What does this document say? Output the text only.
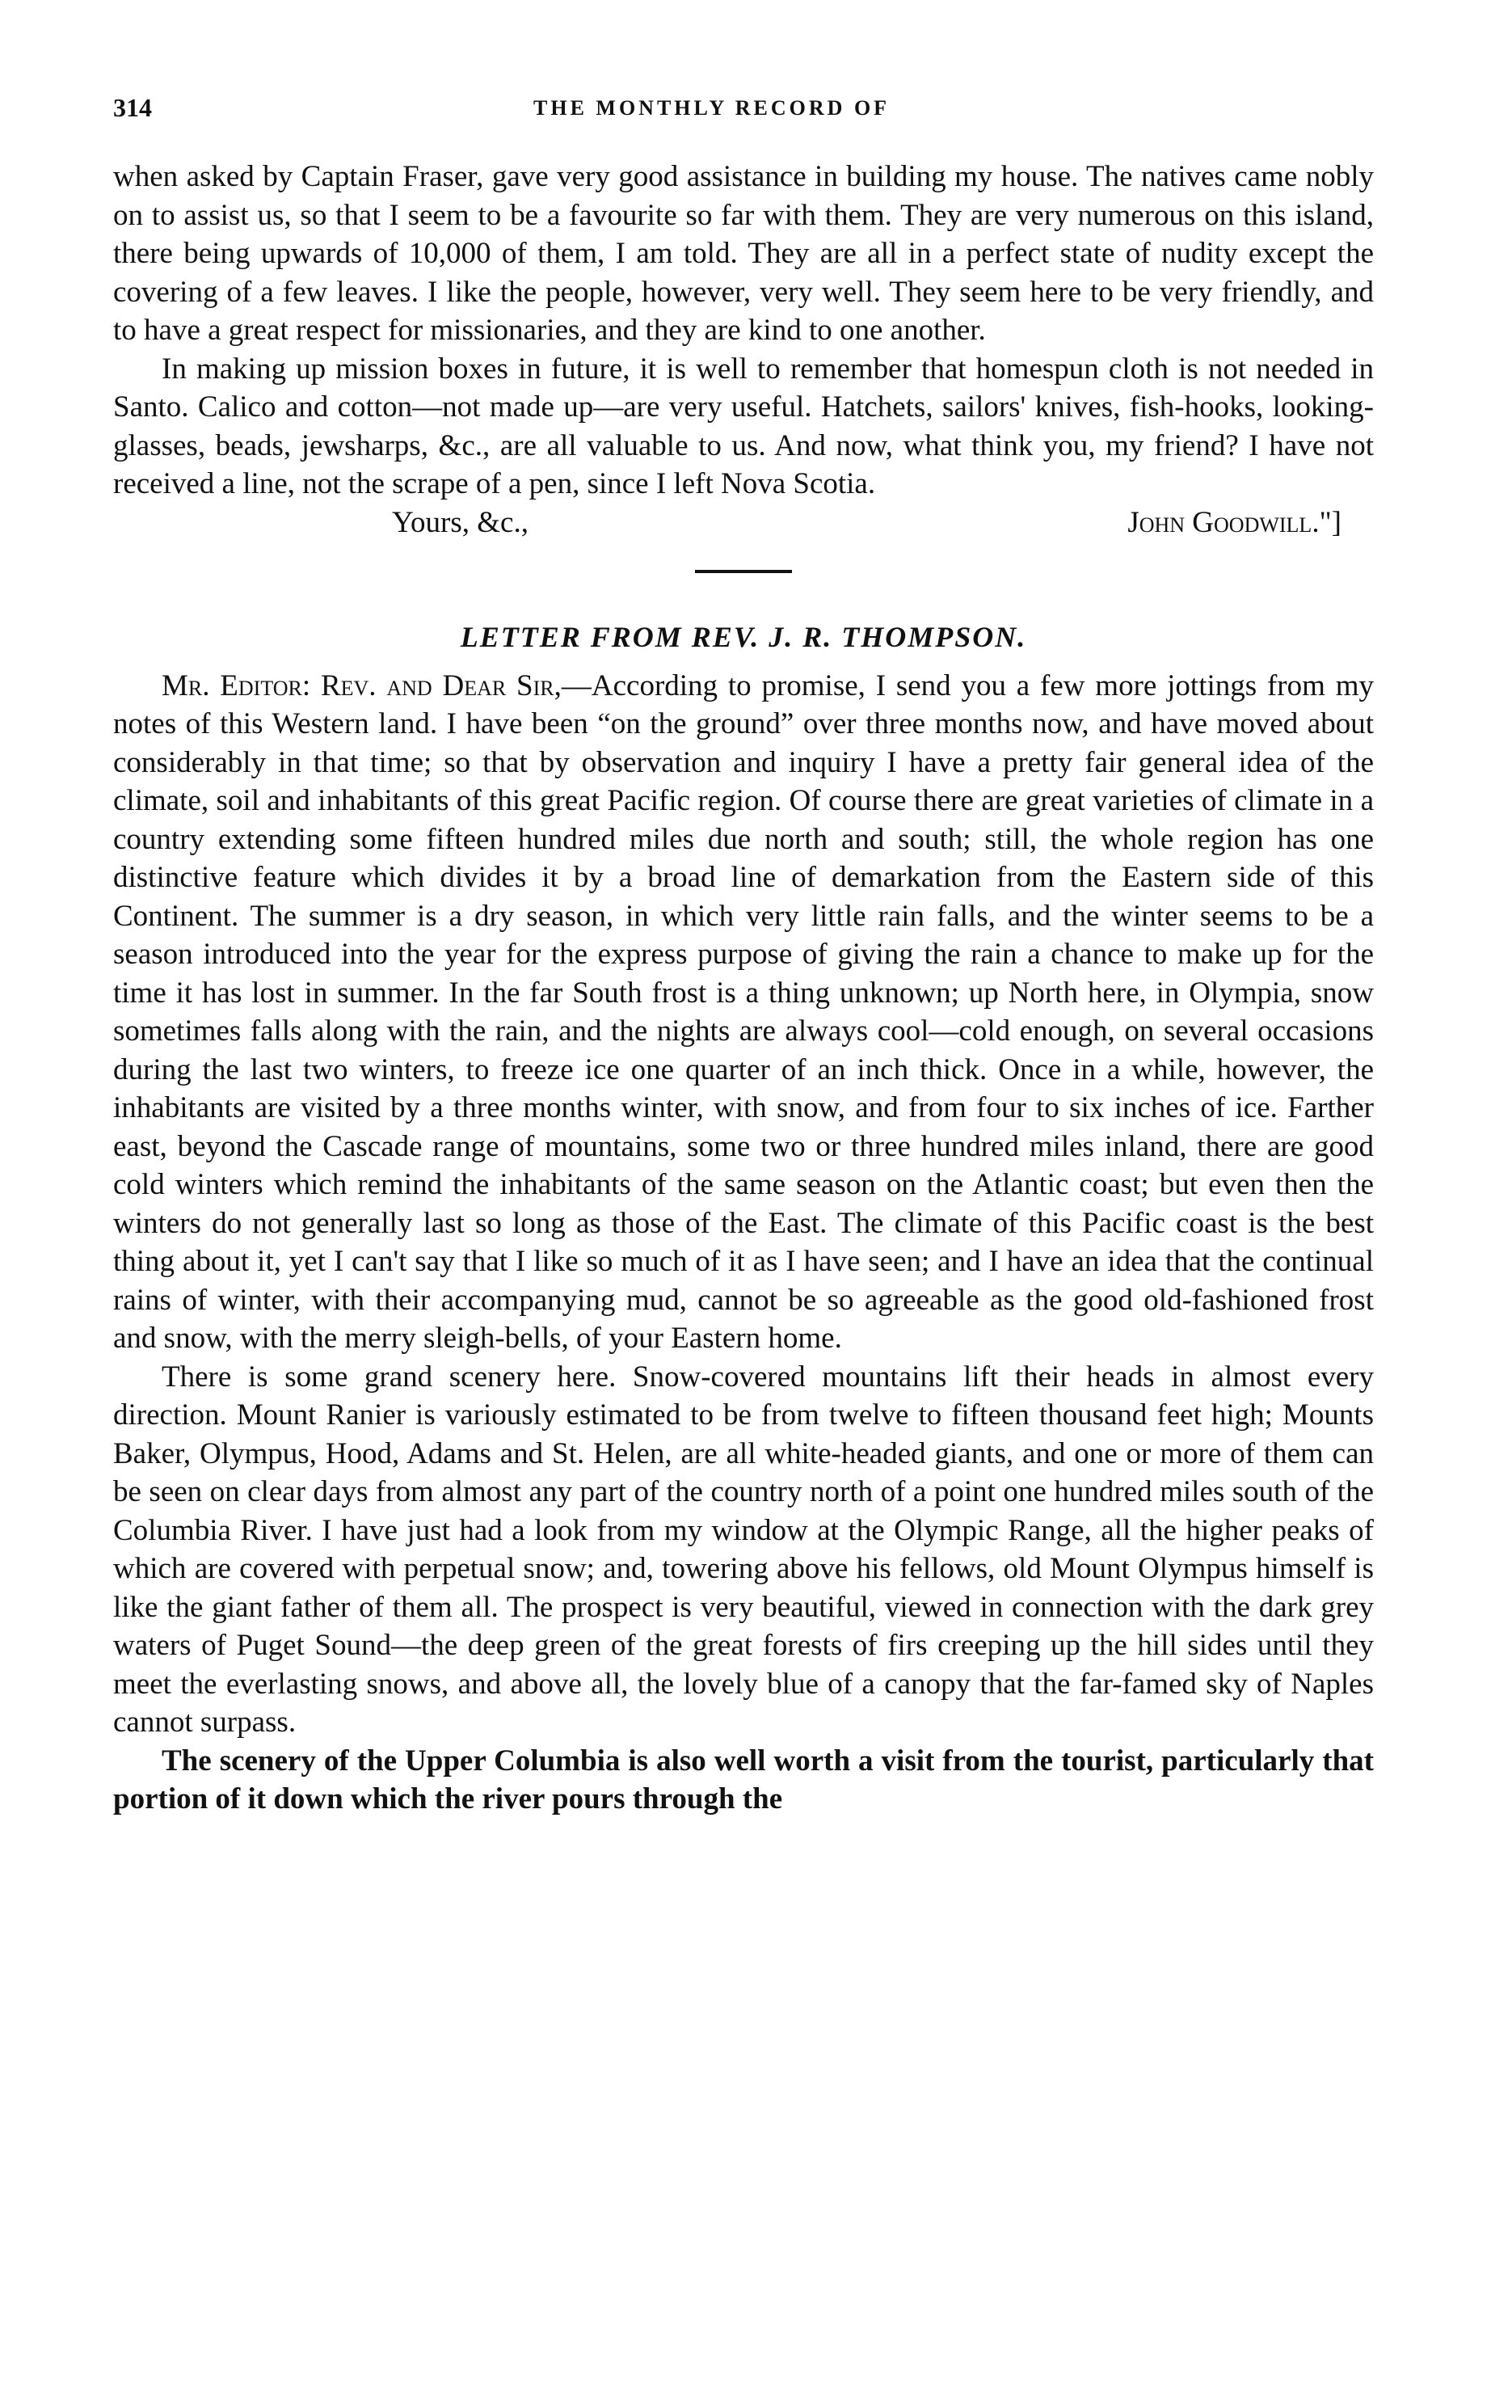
314	THE MONTHLY RECORD OF

when asked by Captain Fraser, gave very good assistance in building my house. The natives came nobly on to assist us, so that I seem to be a favourite so far with them. They are very numerous on this island, there being upwards of 10,000 of them, I am told. They are all in a perfect state of nudity except the covering of a few leaves. I like the people, however, very well. They seem here to be very friendly, and to have a great respect for missionaries, and they are kind to one another.

In making up mission boxes in future, it is well to remember that homespun cloth is not needed in Santo. Calico and cotton—not made up—are very useful. Hatchets, sailors' knives, fish-hooks, looking-glasses, beads, jewsharps, &c., are all valuable to us. And now, what think you, my friend? I have not received a line, not the scrape of a pen, since I left Nova Scotia.

Yours, &c.,	John Goodwill."]
LETTER FROM REV. J. R. THOMPSON.

Mr. Editor: Rev. and Dear Sir,—According to promise, I send you a few more jottings from my notes of this Western land. I have been “on the ground” over three months now, and have moved about considerably in that time; so that by observation and inquiry I have a pretty fair general idea of the climate, soil and inhabitants of this great Pacific region. Of course there are great varieties of climate in a country extending some fifteen hundred miles due north and south; still, the whole region has one distinctive feature which divides it by a broad line of demarkation from the Eastern side of this Continent. The summer is a dry season, in which very little rain falls, and the winter seems to be a season introduced into the year for the express purpose of giving the rain a chance to make up for the time it has lost in summer. In the far South frost is a thing unknown; up North here, in Olympia, snow sometimes falls along with the rain, and the nights are always cool—cold enough, on several occasions during the last two winters, to freeze ice one quarter of an inch thick. Once in a while, however, the inhabitants are visited by a three months winter, with snow, and from four to six inches of ice. Farther east, beyond the Cascade range of mountains, some two or three hundred miles inland, there are good cold winters which remind the inhabitants of the same season on the Atlantic coast; but even then the winters do not generally last so long as those of the East. The climate of this Pacific coast is the best thing about it, yet I can't say that I like so much of it as I have seen; and I have an idea that the continual rains of winter, with their accompanying mud, cannot be so agreeable as the good old-fashioned frost and snow, with the merry sleigh-bells, of your Eastern home.

There is some grand scenery here. Snow-covered mountains lift their heads in almost every direction. Mount Ranier is variously estimated to be from twelve to fifteen thousand feet high; Mounts Baker, Olympus, Hood, Adams and St. Helen, are all white-headed giants, and one or more of them can be seen on clear days from almost any part of the country north of a point one hundred miles south of the Columbia River. I have just had a look from my window at the Olympic Range, all the higher peaks of which are covered with perpetual snow; and, towering above his fellows, old Mount Olympus himself is like the giant father of them all. The prospect is very beautiful, viewed in connection with the dark grey waters of Puget Sound—the deep green of the great forests of firs creeping up the hill sides until they meet the everlasting snows, and above all, the lovely blue of a canopy that the far-famed sky of Naples cannot surpass.

The scenery of the Upper Columbia is also well worth a visit from the tourist, particularly that portion of it down which the river pours through the
